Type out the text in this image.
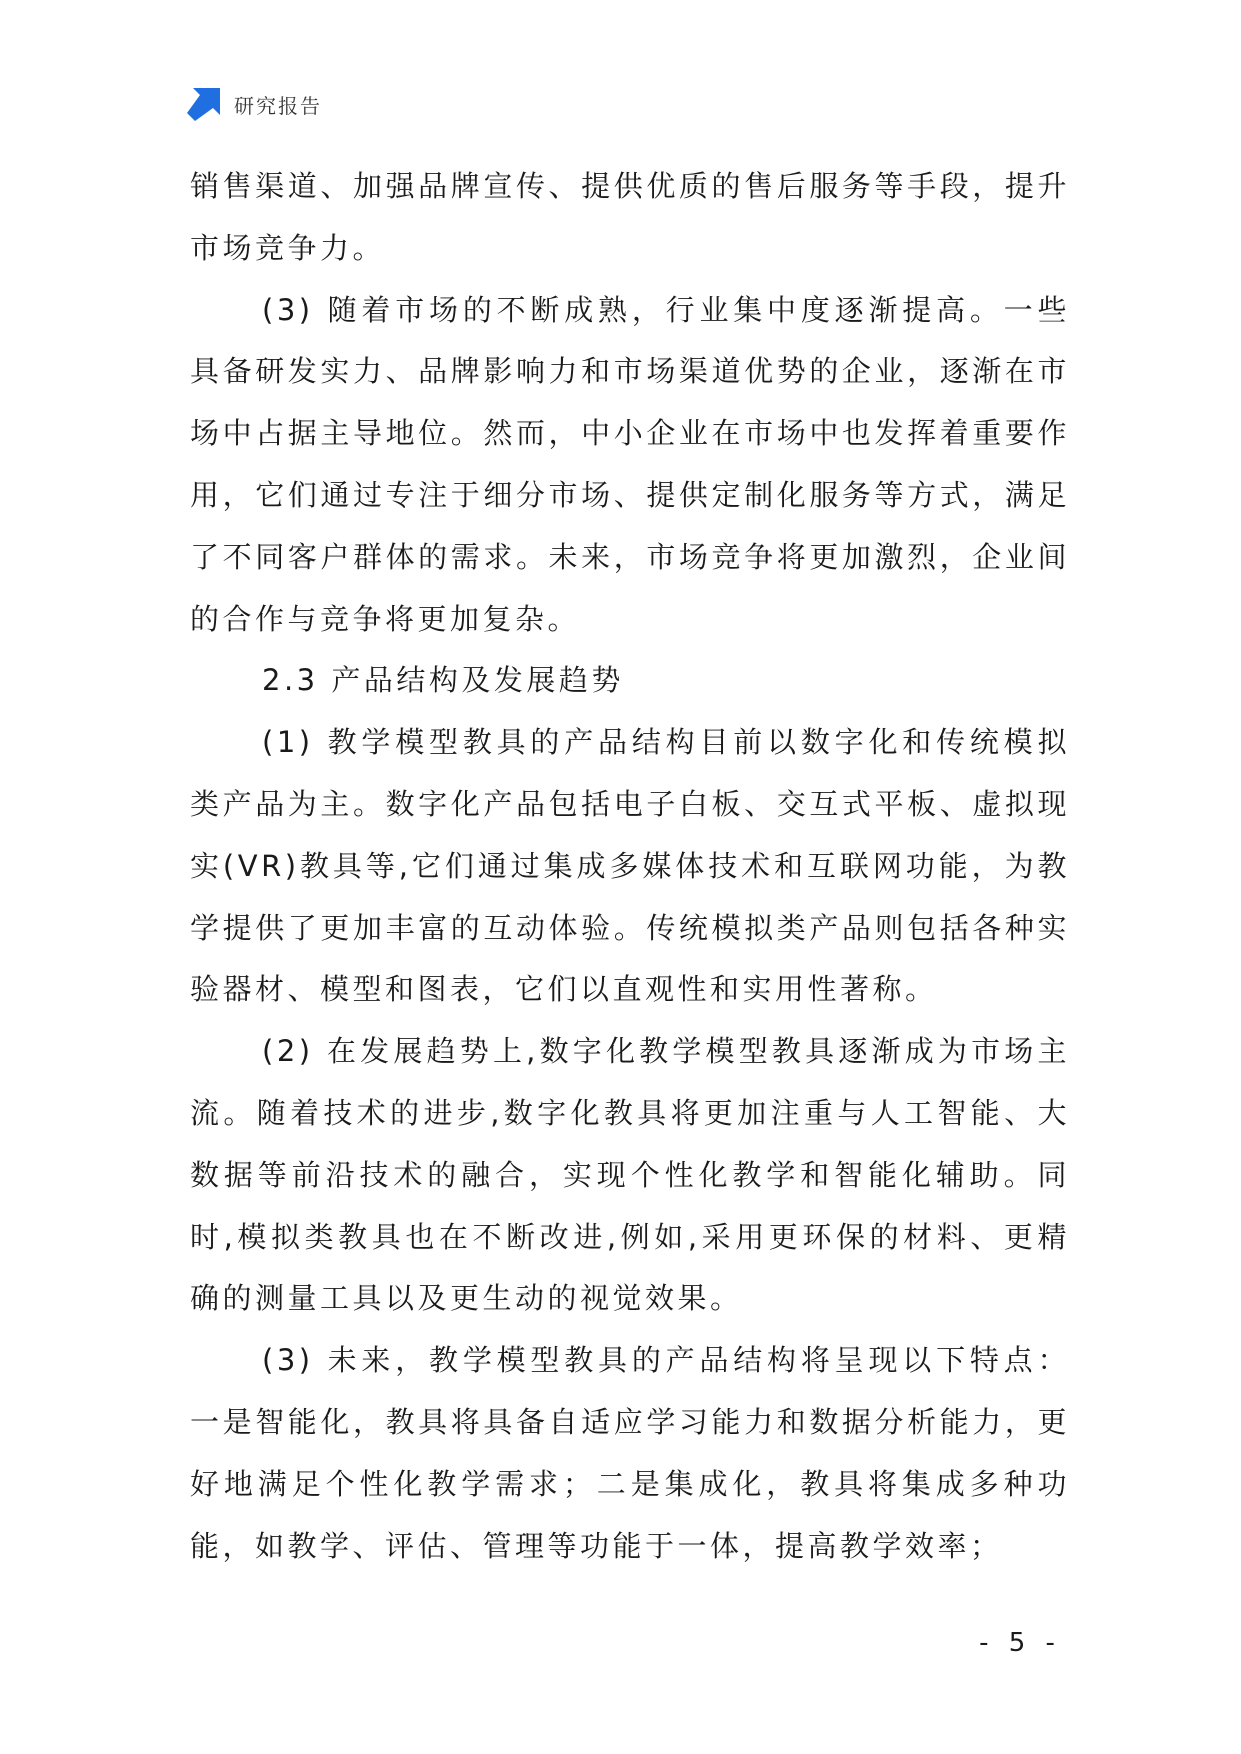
研究报告

销售渠道、加强品牌宣传、提供优质的售后服务等手段，提升市场竞争力。

(3) 随着市场的不断成熟，行业集中度逐渐提高。一些具备研发实力、品牌影响力和市场渠道优势的企业，逐渐在市场中占据主导地位。然而，中小企业在市场中也发挥着重要作用，它们通过专注于细分市场、提供定制化服务等方式，满足了不同客户群体的需求。未来，市场竞争将更加激烈，企业间的合作与竞争将更加复杂。

2.3 产品结构及发展趋势

(1) 教学模型教具的产品结构目前以数字化和传统模拟类产品为主。数字化产品包括电子白板、交互式平板、虚拟现实(VR)教具等,它们通过集成多媒体技术和互联网功能，为教学提供了更加丰富的互动体验。传统模拟类产品则包括各种实验器材、模型和图表，它们以直观性和实用性著称。

(2) 在发展趋势上,数字化教学模型教具逐渐成为市场主流。随着技术的进步,数字化教具将更加注重与人工智能、大数据等前沿技术的融合，实现个性化教学和智能化辅助。同时,模拟类教具也在不断改进,例如,采用更环保的材料、更精确的测量工具以及更生动的视觉效果。

(3) 未来，教学模型教具的产品结构将呈现以下特点：一是智能化，教具将具备自适应学习能力和数据分析能力，更好地满足个性化教学需求；二是集成化，教具将集成多种功能，如教学、评估、管理等功能于一体，提高教学效率；

- 5 -
